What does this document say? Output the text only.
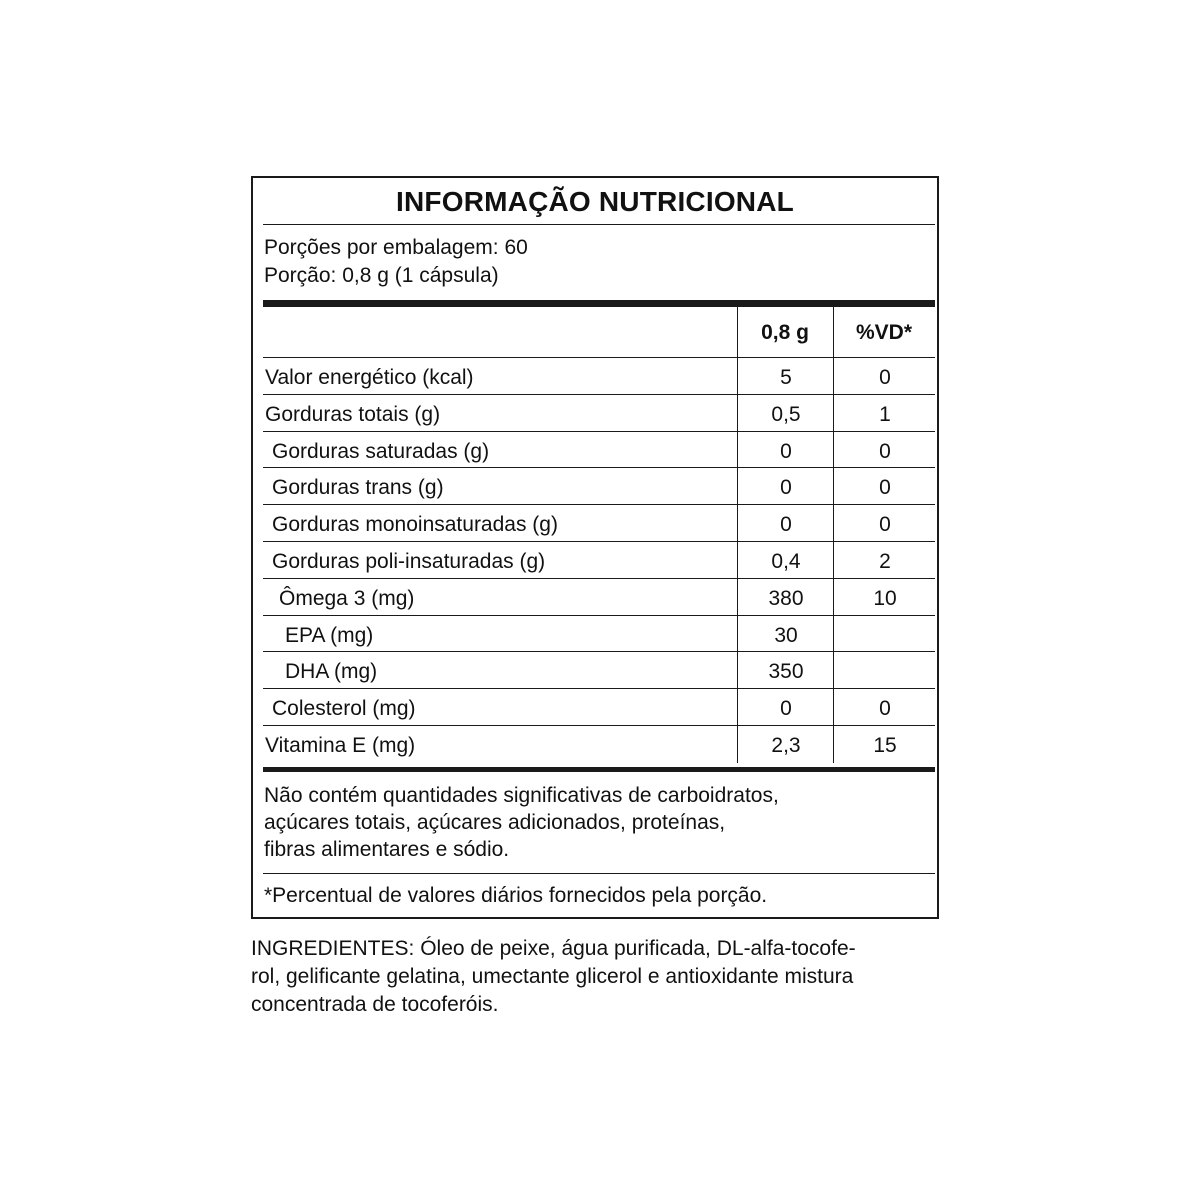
INFORMAÇÃO NUTRICIONAL
Porções por embalagem: 60
Porção: 0,8 g (1 cápsula)
0,8 g	%VD*
Valor energético (kcal)	5	0
Gorduras totais (g)	0,5	1
Gorduras saturadas (g)	0	0
Gorduras trans (g)	0	0
Gorduras monoinsaturadas (g)	0	0
Gorduras poli-insaturadas (g)	0,4	2
Ômega 3 (mg)	380	10
EPA (mg)	30
DHA (mg)	350
Colesterol (mg)	0	0
Vitamina E (mg)	2,3	15
Não contém quantidades significativas de carboidratos,
açúcares totais, açúcares adicionados, proteínas,
fibras alimentares e sódio.
*Percentual de valores diários fornecidos pela porção.
INGREDIENTES: Óleo de peixe, água purificada, DL-alfa-tocofe-
rol, gelificante gelatina, umectante glicerol e antioxidante mistura
concentrada de tocoferóis.
